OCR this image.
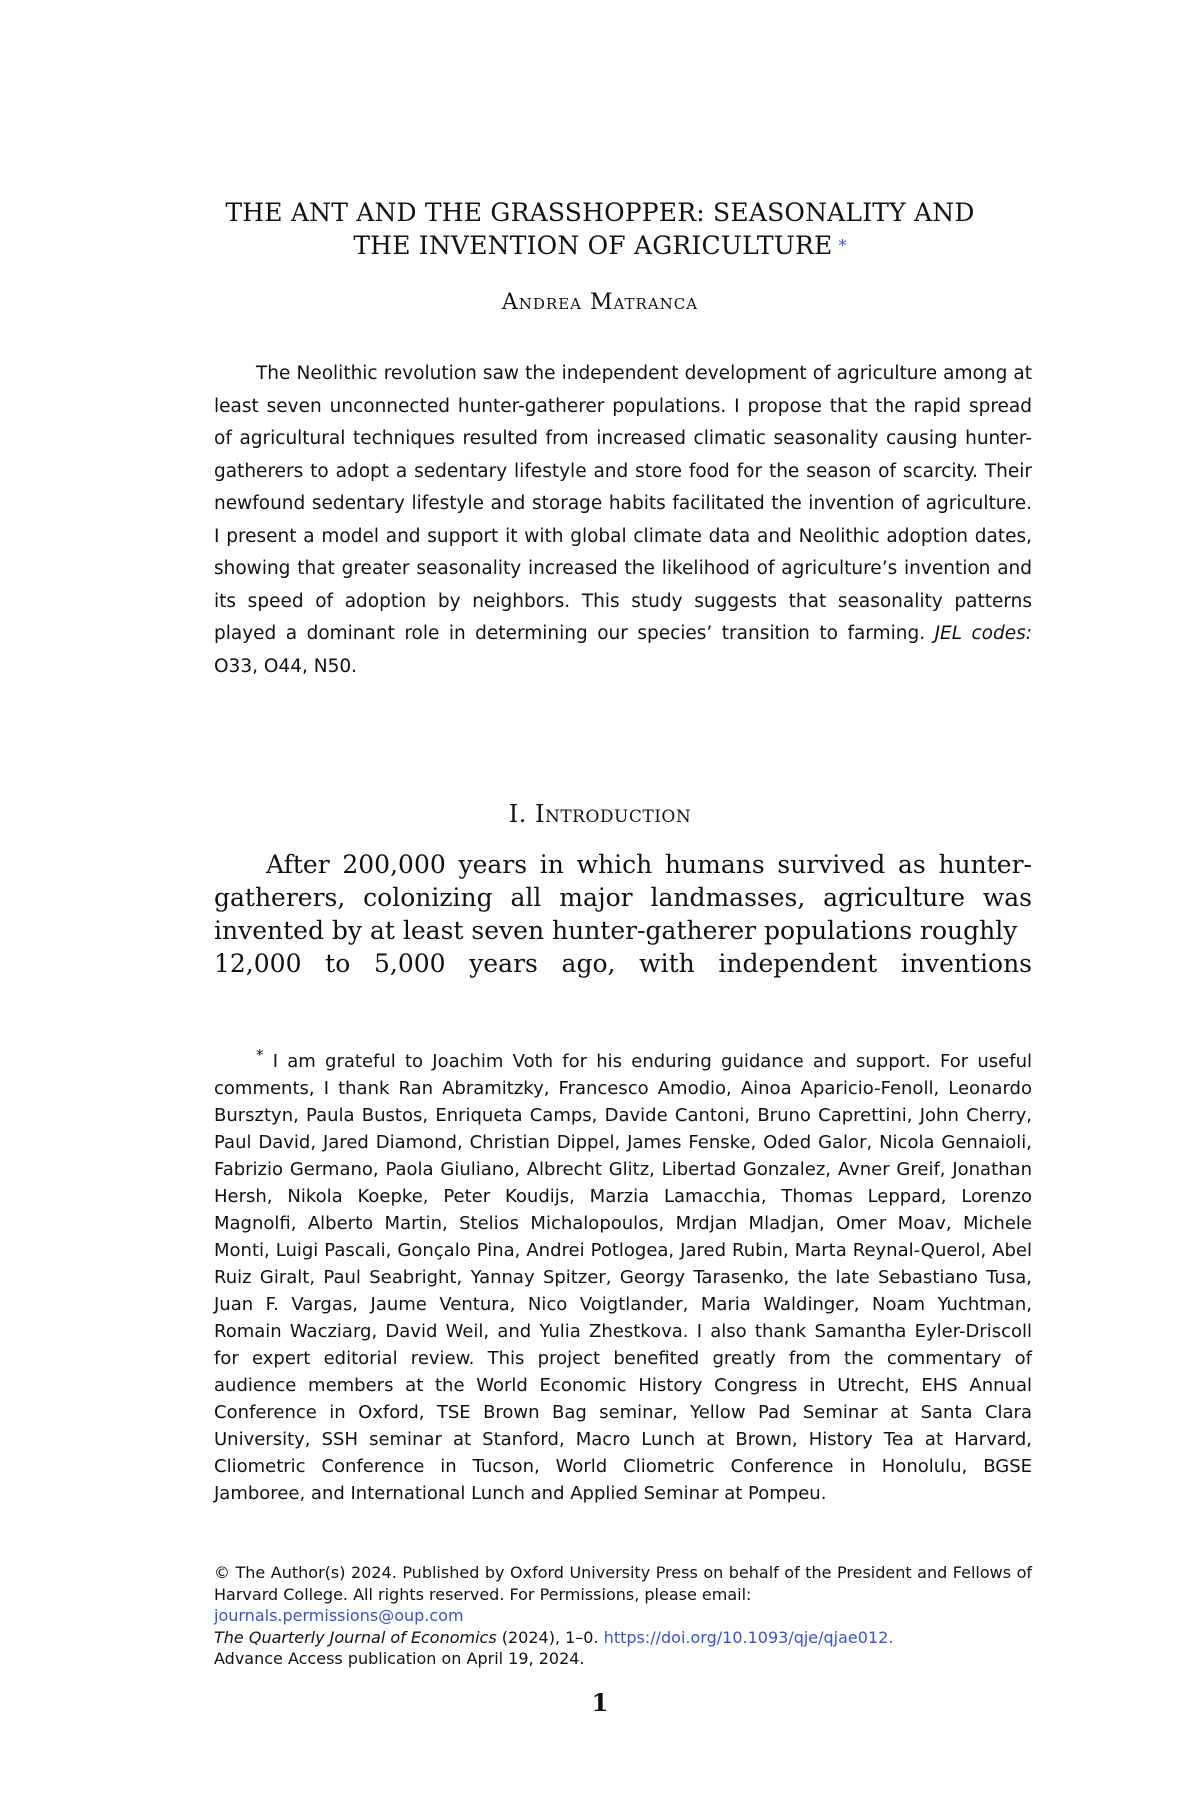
THE ANT AND THE GRASSHOPPER: SEASONALITY AND
THE INVENTION OF AGRICULTURE *
Andrea Matranca
The Neolithic revolution saw the independent development of agriculture among at least seven unconnected hunter-gatherer populations. I propose that the rapid spread of agricultural techniques resulted from increased climatic seasonality causing hunter-gatherers to adopt a sedentary lifestyle and store food for the season of scarcity. Their newfound sedentary lifestyle and storage habits facilitated the invention of agriculture. I present a model and support it with global climate data and Neolithic adoption dates, showing that greater seasonality increased the likelihood of agriculture’s invention and its speed of adoption by neighbors. This study suggests that seasonality patterns played a dominant role in determining our species’ transition to farming. JEL codes: O33, O44, N50.
I. Introduction
After 200,000 years in which humans survived as hunter-gatherers, colonizing all major landmasses, agriculture was invented by at least seven hunter-gatherer populations roughly
12,000 to 5,000 years ago, with independent inventions
* I am grateful to Joachim Voth for his enduring guidance and support. For useful comments, I thank Ran Abramitzky, Francesco Amodio, Ainoa Aparicio-Fenoll, Leonardo Bursztyn, Paula Bustos, Enriqueta Camps, Davide Cantoni, Bruno Caprettini, John Cherry, Paul David, Jared Diamond, Christian Dippel, James Fenske, Oded Galor, Nicola Gennaioli, Fabrizio Germano, Paola Giuliano, Albrecht Glitz, Libertad Gonzalez, Avner Greif, Jonathan Hersh, Nikola Koepke, Peter Koudijs, Marzia Lamacchia, Thomas Leppard, Lorenzo Magnolfi, Alberto Martin, Stelios Michalopoulos, Mrdjan Mladjan, Omer Moav, Michele Monti, Luigi Pascali, Gonçalo Pina, Andrei Potlogea, Jared Rubin, Marta Reynal-Querol, Abel Ruiz Giralt, Paul Seabright, Yannay Spitzer, Georgy Tarasenko, the late Sebastiano Tusa, Juan F. Vargas, Jaume Ventura, Nico Voigtlander, Maria Waldinger, Noam Yuchtman, Romain Wacziarg, David Weil, and Yulia Zhestkova. I also thank Samantha Eyler-Driscoll for expert editorial review. This project benefited greatly from the commentary of audience members at the World Economic History Congress in Utrecht, EHS Annual Conference in Oxford, TSE Brown Bag seminar, Yellow Pad Seminar at Santa Clara University, SSH seminar at Stanford, Macro Lunch at Brown, History Tea at Harvard, Cliometric Conference in Tucson, World Cliometric Conference in Honolulu, BGSE Jamboree, and International Lunch and Applied Seminar at Pompeu.
© The Author(s) 2024. Published by Oxford University Press on behalf of the President and Fellows of Harvard College. All rights reserved. For Permissions, please email:
journals.permissions@oup.com
The Quarterly Journal of Economics (2024), 1–0. https://doi.org/10.1093/qje/qjae012.
Advance Access publication on April 19, 2024.
1
